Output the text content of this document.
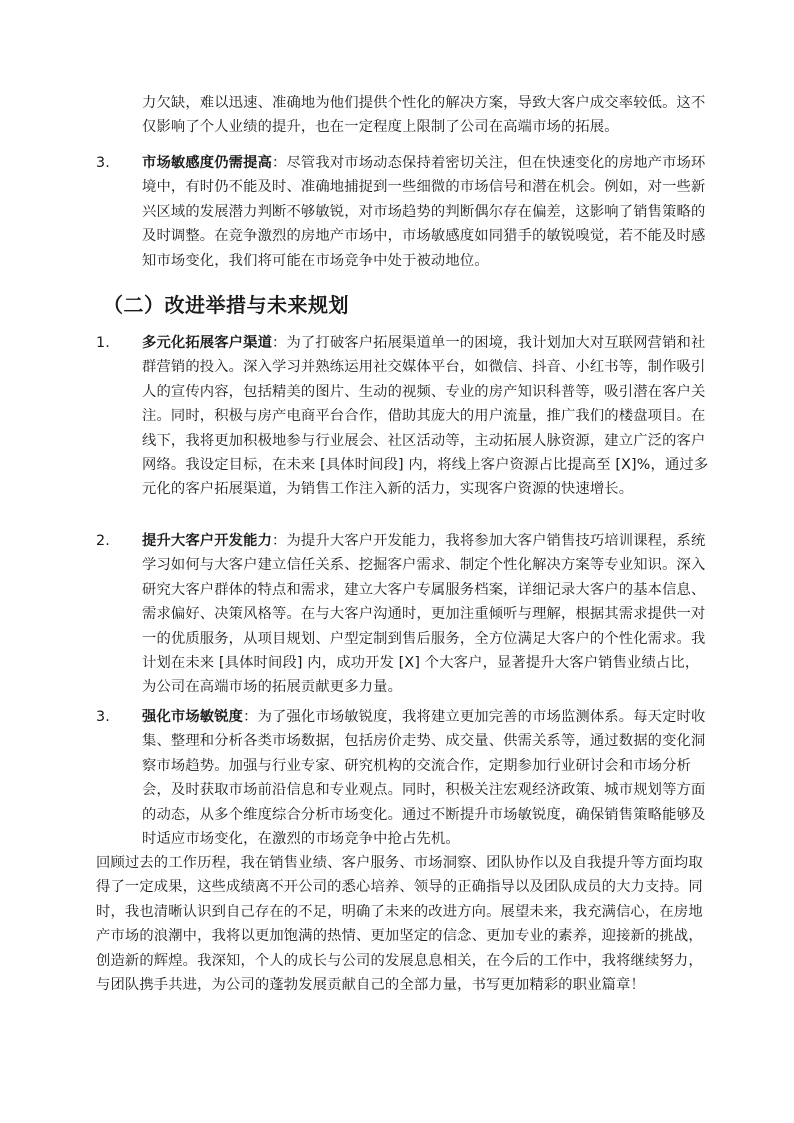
力欠缺，难以迅速、准确地为他们提供个性化的解决方案，导致大客户成交率较低。这不仅影响了个人业绩的提升，也在一定程度上限制了公司在高端市场的拓展。
3.	市场敏感度仍需提高：尽管我对市场动态保持着密切关注，但在快速变化的房地产市场环境中，有时仍不能及时、准确地捕捉到一些细微的市场信号和潜在机会。例如，对一些新兴区域的发展潜力判断不够敏锐，对市场趋势的判断偶尔存在偏差，这影响了销售策略的及时调整。在竞争激烈的房地产市场中，市场敏感度如同猎手的敏锐嗅觉，若不能及时感知市场变化，我们将可能在市场竞争中处于被动地位。
（二）改进举措与未来规划
1.	多元化拓展客户渠道：为了打破客户拓展渠道单一的困境，我计划加大对互联网营销和社群营销的投入。深入学习并熟练运用社交媒体平台，如微信、抖音、小红书等，制作吸引人的宣传内容，包括精美的图片、生动的视频、专业的房产知识科普等，吸引潜在客户关注。同时，积极与房产电商平台合作，借助其庞大的用户流量，推广我们的楼盘项目。在线下，我将更加积极地参与行业展会、社区活动等，主动拓展人脉资源，建立广泛的客户网络。我设定目标，在未来 [具体时间段] 内，将线上客户资源占比提高至 [X]%，通过多元化的客户拓展渠道，为销售工作注入新的活力，实现客户资源的快速增长。
2.	提升大客户开发能力：为提升大客户开发能力，我将参加大客户销售技巧培训课程，系统学习如何与大客户建立信任关系、挖掘客户需求、制定个性化解决方案等专业知识。深入研究大客户群体的特点和需求，建立大客户专属服务档案，详细记录大客户的基本信息、需求偏好、决策风格等。在与大客户沟通时，更加注重倾听与理解，根据其需求提供一对一的优质服务，从项目规划、户型定制到售后服务，全方位满足大客户的个性化需求。我计划在未来 [具体时间段] 内，成功开发 [X] 个大客户，显著提升大客户销售业绩占比，为公司在高端市场的拓展贡献更多力量。
3.	强化市场敏锐度：为了强化市场敏锐度，我将建立更加完善的市场监测体系。每天定时收集、整理和分析各类市场数据，包括房价走势、成交量、供需关系等，通过数据的变化洞察市场趋势。加强与行业专家、研究机构的交流合作，定期参加行业研讨会和市场分析会，及时获取市场前沿信息和专业观点。同时，积极关注宏观经济政策、城市规划等方面的动态，从多个维度综合分析市场变化。通过不断提升市场敏锐度，确保销售策略能够及时适应市场变化，在激烈的市场竞争中抢占先机。
回顾过去的工作历程，我在销售业绩、客户服务、市场洞察、团队协作以及自我提升等方面均取得了一定成果，这些成绩离不开公司的悉心培养、领导的正确指导以及团队成员的大力支持。同时，我也清晰认识到自己存在的不足，明确了未来的改进方向。展望未来，我充满信心，在房地产市场的浪潮中，我将以更加饱满的热情、更加坚定的信念、更加专业的素养，迎接新的挑战，创造新的辉煌。我深知，个人的成长与公司的发展息息相关，在今后的工作中，我将继续努力，与团队携手共进，为公司的蓬勃发展贡献自己的全部力量，书写更加精彩的职业篇章！
